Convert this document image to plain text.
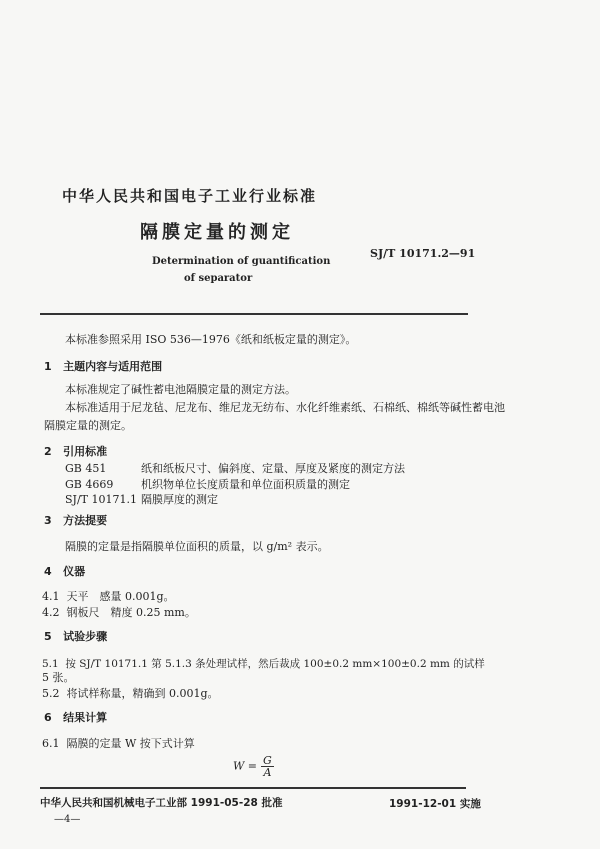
中华人民共和国电子工业行业标准
隔膜定量的测定
SJ/T 10171.2—91
Determination of guantification
of separator
本标准参照采用 ISO 536—1976《纸和纸板定量的测定》。
1 主题内容与适用范围
本标准规定了碱性蓄电池隔膜定量的测定方法。
本标准适用于尼龙毡、尼龙布、维尼龙无纺布、水化纤维素纸、石棉纸、棉纸等碱性蓄电池
隔膜定量的测定。
2 引用标准
GB 451	纸和纸板尺寸、偏斜度、定量、厚度及紧度的测定方法
GB 4669	机织物单位长度质量和单位面积质量的测定
SJ/T 10171.1 隔膜厚度的测定
3 方法提要
隔膜的定量是指隔膜单位面积的质量，以 g/m² 表示。
4 仪器
4.1 天平　感量 0.001g。
4.2 钢板尺　精度 0.25 mm。
5 试验步骤
5.1 按 SJ/T 10171.1 第 5.1.3 条处理试样，然后裁成 100±0.2 mm×100±0.2 mm 的试样
5 张。
5.2 将试样称量，精确到 0.001g。
6 结果计算
6.1 隔膜的定量 W 按下式计算
$W = \frac{G}{A}$
中华人民共和国机械电子工业部 1991-05-28 批准	1991-12-01 实施
—4—
